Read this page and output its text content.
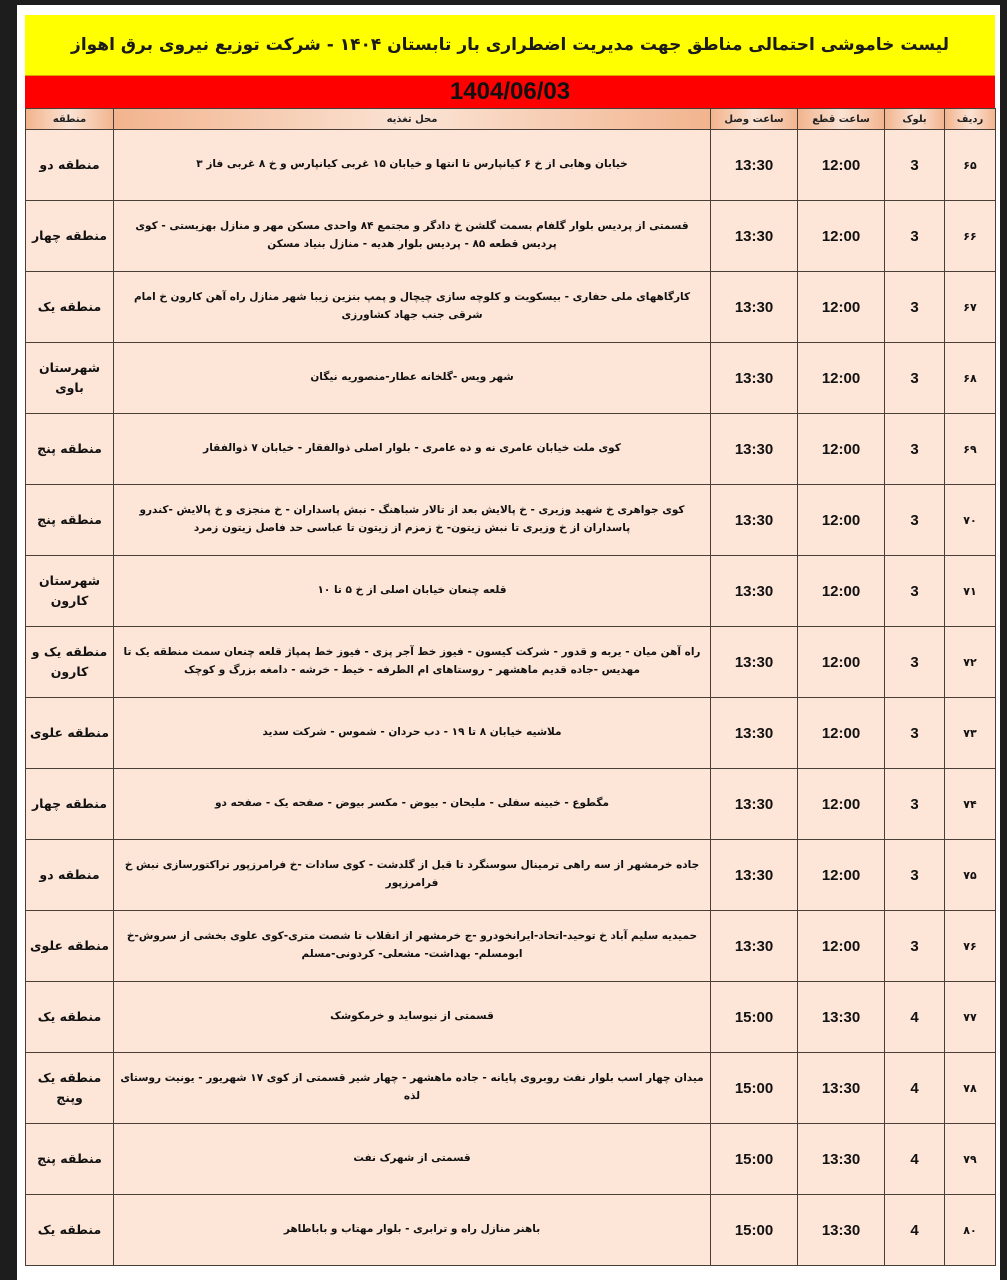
لیست خاموشی احتمالی مناطق جهت مدیریت اضطراری بار تابستان ۱۴۰۴ - شرکت توزیع نیروی برق اهواز
1404/06/03
ردیف	بلوک	ساعت قطع	ساعت وصل	محل تغذیه	منطقه
۶۵	3	12:00	13:30	خیابان وهابی از خ ۶ کیانپارس تا انتها و خیابان ۱۵ غربی کیانپارس و خ ۸ غربی فاز ۳	منطقه دو
۶۶	3	12:00	13:30	قسمتی از پردیس بلوار گلفام بسمت گلشن خ دادگر و مجتمع ۸۴ واحدی مسکن مهر و منازل بهزیستی - کوی پردیس قطعه ۸۵ - پردیس بلوار هدیه - منازل بنیاد مسکن	منطقه چهار
۶۷	3	12:00	13:30	کارگاههای ملی حفاری - بیسکویت و کلوچه سازی چیچال و پمپ بنزین زیبا شهر منازل راه آهن کارون خ امام شرقی جنب جهاد کشاورزی	منطقه یک
۶۸	3	12:00	13:30	شهر ویس -گلخانه عطار-منصوریه نیگان	شهرستان باوی
۶۹	3	12:00	13:30	کوی ملت خیابان عامری نه و ده عامری - بلوار اصلی ذوالفقار - خیابان ۷ ذوالفقار	منطقه پنج
۷۰	3	12:00	13:30	کوی جواهری خ شهید وزیری - خ پالایش بعد از تالار شباهنگ - نبش پاسداران - خ منجزی و خ پالایش -کندرو پاسداران از خ وزیری تا نبش زیتون- خ زمزم از زیتون تا عباسی حد فاصل زیتون زمرد	منطقه پنج
۷۱	3	12:00	13:30	قلعه چنعان خیابان اصلی از خ ۵ تا ۱۰	شهرستان کارون
۷۲	3	12:00	13:30	راه آهن میان - یربه و قدور - شرکت کیسون - فیوز خط آجر پزی - فیوز خط پمپاژ قلعه چنعان سمت منطقه یک تا مهدیس -جاده قدیم ماهشهر - روستاهای ام الطرفه - خیط - خرشه - دامغه بزرگ و کوچک	منطقه یک و کارون
۷۳	3	12:00	13:30	ملاشیه خیابان ۸ تا ۱۹ - دب حردان - شموس - شرکت سدید	منطقه علوی
۷۴	3	12:00	13:30	مگطوع - خبینه سفلی - ملیحان - بیوض - مکسر بیوض - صفحه یک - صفحه دو	منطقه چهار
۷۵	3	12:00	13:30	جاده خرمشهر از سه راهی ترمینال سوسنگرد تا قبل از گلدشت - کوی سادات -خ فرامرزپور تراکتورسازی نبش خ فرامرزپور	منطقه دو
۷۶	3	12:00	13:30	حمیدیه سلیم آباد خ توحید-اتحاد-ایرانخودرو -ج خرمشهر از انقلاب تا شصت متری-کوی علوی بخشی از سروش-خ ابومسلم- بهداشت- مشعلی- کردونی-مسلم	منطقه علوی
۷۷	4	13:30	15:00	قسمتی از نیوساید و خرمکوشک	منطقه یک
۷۸	4	13:30	15:00	میدان چهار اسب بلوار نفت روبروی پایانه - جاده ماهشهر - چهار شیر قسمتی از کوی ۱۷ شهریور - یونیت روستای لذه	منطقه یک وپنج
۷۹	4	13:30	15:00	قسمتی از شهرک نفت	منطقه پنج
۸۰	4	13:30	15:00	باهنر منازل راه و ترابری - بلوار مهتاب و باباطاهر	منطقه یک
